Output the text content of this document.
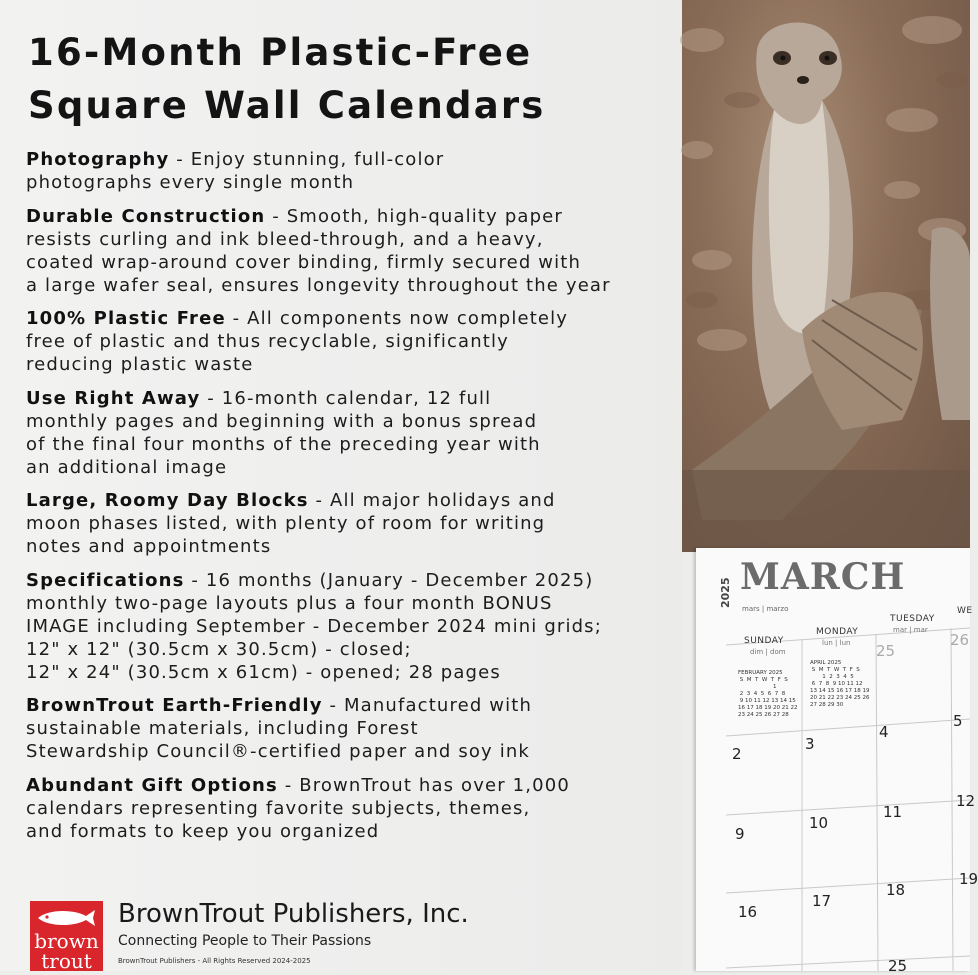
16-Month Plastic-Free
Square Wall Calendars

Photography - Enjoy stunning, full-color
photographs every single month

Durable Construction - Smooth, high-quality paper
resists curling and ink bleed-through, and a heavy,
coated wrap-around cover binding, firmly secured with
a large wafer seal, ensures longevity throughout the year

100% Plastic Free - All components now completely
free of plastic and thus recyclable, significantly
reducing plastic waste

Use Right Away - 16-month calendar, 12 full
monthly pages and beginning with a bonus spread
of the final four months of the preceding year with
an additional image

Large, Roomy Day Blocks - All major holidays and
moon phases listed, with plenty of room for writing
notes and appointments

Specifications - 16 months (January - December 2025)
monthly two-page layouts plus a four month BONUS
IMAGE including September - December 2024 mini grids;
12" x 12" (30.5cm x 30.5cm) - closed;
12" x 24" (30.5cm x 61cm) - opened; 28 pages

BrownTrout Earth-Friendly - Manufactured with
sustainable materials, including Forest
Stewardship Council®-certified paper and soy ink

Abundant Gift Options - BrownTrout has over 1,000
calendars representing favorite subjects, themes,
and formats to keep you organized

brown
trout
BrownTrout Publishers, Inc.
Connecting People to Their Passions
BrownTrout Publishers - All Rights Reserved 2024-2025
2025 MARCH
mars | marzo
SUNDAY
dim | dom
MONDAY
lun | lun
TUESDAY
mar | mar
WE
FEBRUARY 2025
S  M  T  W  T  F  S
1
2  3  4  5  6  7  8
9 10 11 12 13 14 15
16 17 18 19 20 21 22
23 24 25 26 27 28
APRIL 2025
S  M  T  W  T  F  S
1  2  3  4  5
6  7  8  9 10 11 12
13 14 15 16 17 18 19
20 21 22 23 24 25 26
27 28 29 30
25
26
2
3
4
5
9
10
11
12
16
17
18
19
25
